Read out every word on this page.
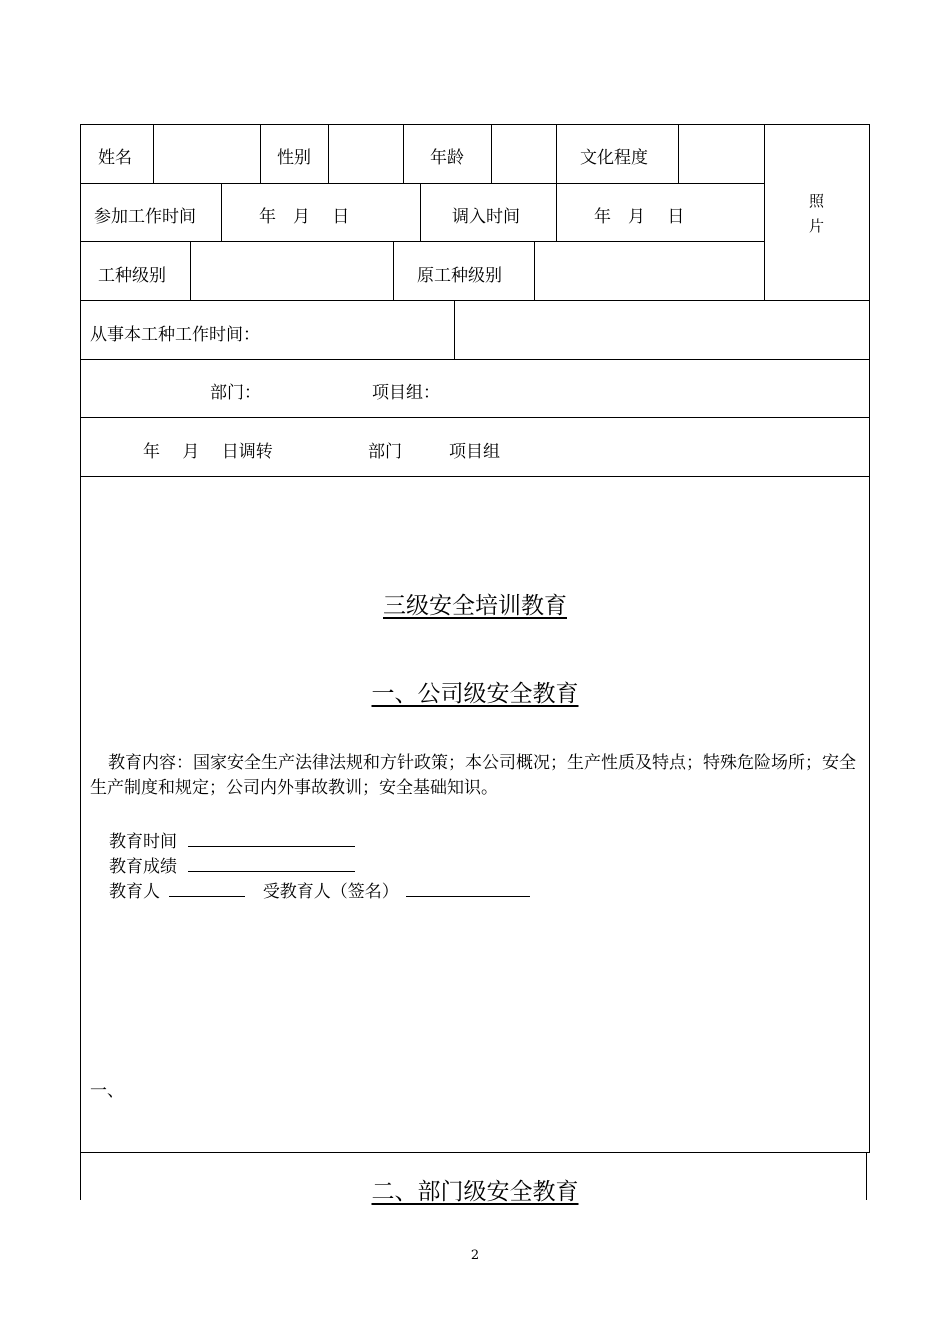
姓名	性别	年龄	文化程度
照
片
参加工作时间	年　月　 日	调入时间	年　月　 日
工种级别	原工种级别
从事本工种工作时间：
部门：	项目组：
年　 月　 日调转	部门	项目组
三级安全培训教育
一、公司级安全教育
教育内容：国家安全生产法律法规和方针政策；本公司概况；生产性质及特点；特殊危险场所；安全生产制度和规定；公司内外事故教训；安全基础知识。
教育时间
教育成绩
教育人	受教育人（签名）
一、
二、部门级安全教育
2
